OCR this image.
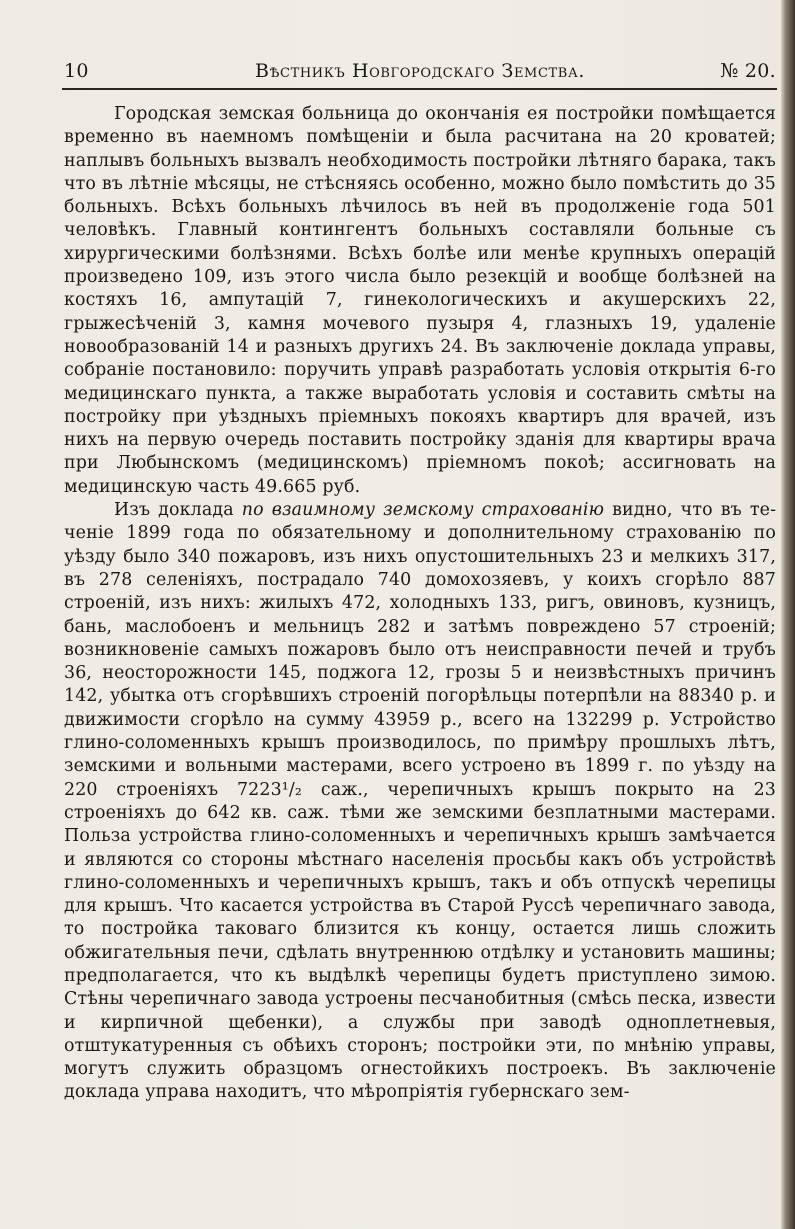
10	Вѣстникъ Новгородскаго Земства.	№ 20.

Городская земская больница до окончанія ея постройки помѣщается временно въ наемномъ помѣщеніи и была расчитана на 20 кроватей; наплывъ больныхъ вызвалъ необходимость постройки лѣтняго барака, такъ что въ лѣтніе мѣсяцы, не стѣсняясь особенно, можно было помѣстить до 35 больныхъ. Всѣхъ больныхъ лѣчилось въ ней въ продолженіе года 501 человѣкъ. Главный контингентъ больныхъ составляли больные съ хирургическими болѣзнями. Всѣхъ болѣе или менѣе крупныхъ операцій произведено 109, изъ этого числа было резекцій и вообще болѣзней на костяхъ 16, ампутацій 7, гинекологическихъ и акушерскихъ 22, грыжесѣченій 3, камня мочевого пузыря 4, глазныхъ 19, удаленіе новообразованій 14 и разныхъ другихъ 24. Въ заключеніе доклада управы, собраніе постановило: поручить управѣ разработать условія открытія 6-го медицинскаго пункта, а также выработать условія и составить смѣты на постройку при уѣздныхъ пріемныхъ покояхъ квартиръ для врачей, изъ нихъ на первую очередь поставить постройку зданія для квартиры врача при Любынскомъ (медицинскомъ) пріемномъ покоѣ; ассигновать на медицинскую часть 49.665 руб.

Изъ доклада по взаимному земскому страхованію видно, что въ теченіе 1899 года по обязательному и дополнительному страхованію по уѣзду было 340 пожаровъ, изъ нихъ опустошительныхъ 23 и мелкихъ 317, въ 278 селеніяхъ, пострадало 740 домохозяевъ, у коихъ сгорѣло 887 строеній, изъ нихъ: жилыхъ 472, холодныхъ 133, ригъ, овиновъ, кузницъ, бань, маслобоенъ и мельницъ 282 и затѣмъ повреждено 57 строеній; возникновеніе самыхъ пожаровъ было отъ неисправности печей и трубъ 36, неосторожности 145, поджога 12, грозы 5 и неизвѣстныхъ причинъ 142, убытка отъ сгорѣвшихъ строеній погорѣльцы потерпѣли на 88340 р. и движимости сгорѣло на сумму 43959 р., всего на 132299 р. Устройство глино-соломенныхъ крышъ производилось, по примѣру прошлыхъ лѣтъ, земскими и вольными мастерами, всего устроено въ 1899 г. по уѣзду на 220 строеніяхъ 7223¹/₂ саж., черепичныхъ крышъ покрыто на 23 строеніяхъ до 642 кв. саж. тѣми же земскими безплатными мастерами. Польза устройства глино-соломенныхъ и черепичныхъ крышъ замѣчается и являются со стороны мѣстнаго населенія просьбы какъ объ устройствѣ глино-соломенныхъ и черепичныхъ крышъ, такъ и объ отпускѣ черепицы для крышъ. Что касается устройства въ Старой Руссѣ черепичнаго завода, то постройка таковаго близится къ концу, остается лишь сложить обжигательныя печи, сдѣлать внутреннюю отдѣлку и установить машины; предполагается, что къ выдѣлкѣ черепицы будетъ приступлено зимою. Стѣны черепичнаго завода устроены песчанобитныя (смѣсь песка, извести и кирпичной щебенки), а службы при заводѣ однoплетневыя, отштукатуренныя съ обѣихъ сторонъ; постройки эти, по мнѣнію управы, могутъ служить образцомъ огнестойкихъ построекъ. Въ заключеніе доклада управа находитъ, что мѣропріятія губернскаго зем-
